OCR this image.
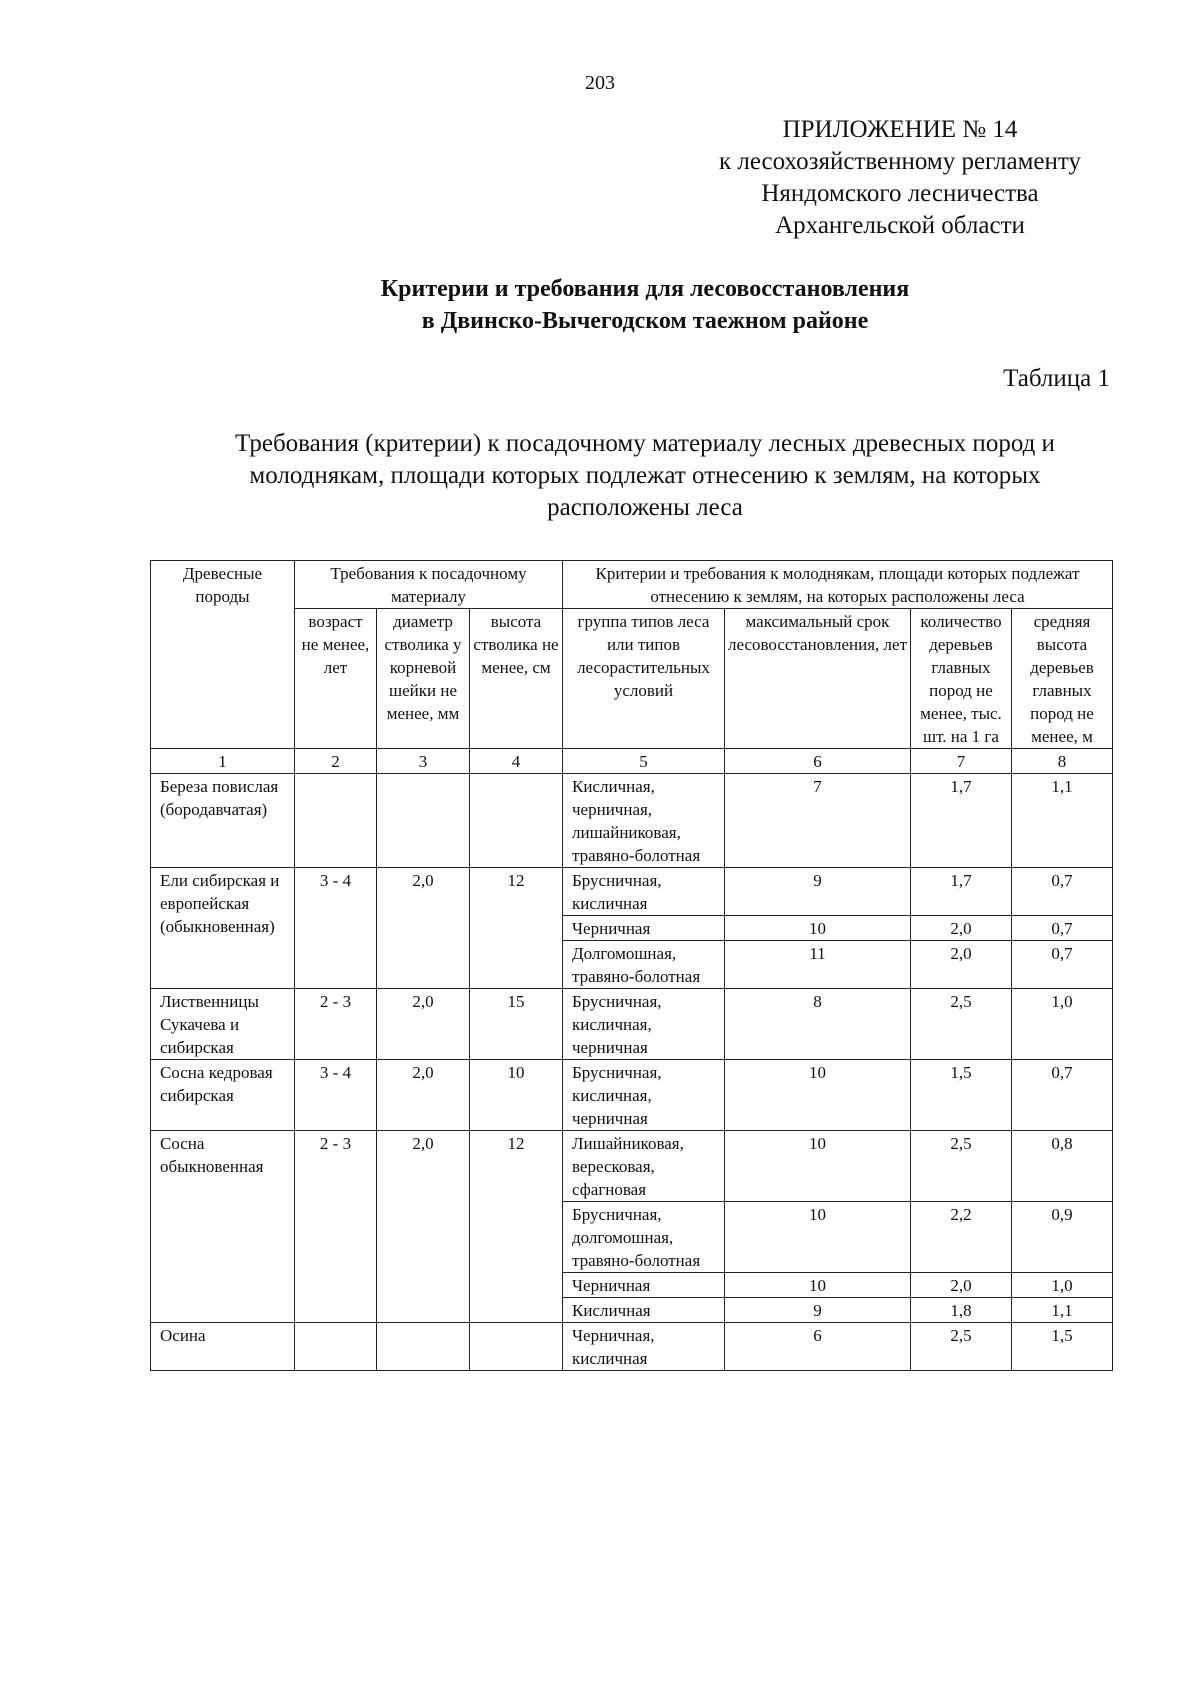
203
ПРИЛОЖЕНИЕ № 14
к лесохозяйственному регламенту
Няндомского лесничества
Архангельской области
Критерии и требования для лесовосстановления
в Двинско-Вычегодском таежном районе
Таблица 1
Требования (критерии) к посадочному материалу лесных древесных пород и
молоднякам, площади которых подлежат отнесению к землям, на которых
расположены леса
Древесные породы	Требования к посадочному материалу			Критерии и требования к молоднякам, площади которых подлежат отнесению к землям, на которых расположены леса			
	возраст не менее, лет	диаметр стволика у корневой шейки не менее, мм	высота стволика не менее, см	группа типов леса или типов лесорастительных условий	максимальный срок лесовосстановления, лет	количество деревьев главных пород не менее, тыс. шт. на 1 га	средняя высота деревьев главных пород не менее, м
1	2	3	4	5	6	7	8
Береза повислая (бородавчатая)				Кисличная, черничная, лишайниковая, травяно-болотная	7	1,7	1,1
Ели сибирская и европейская (обыкновенная)	3 - 4	2,0	12	Брусничная, кисличная	9	1,7	0,7
				Черничная	10	2,0	0,7
				Долгомошная, травяно-болотная	11	2,0	0,7
Лиственницы Сукачева и сибирская	2 - 3	2,0	15	Брусничная, кисличная, черничная	8	2,5	1,0
Сосна кедровая сибирская	3 - 4	2,0	10	Брусничная, кисличная, черничная	10	1,5	0,7
Сосна обыкновенная	2 - 3	2,0	12	Лишайниковая, вересковая, сфагновая	10	2,5	0,8
				Брусничная, долгомошная, травяно-болотная	10	2,2	0,9
				Черничная	10	2,0	1,0
				Кисличная	9	1,8	1,1
Осина				Черничная, кисличная	6	2,5	1,5
